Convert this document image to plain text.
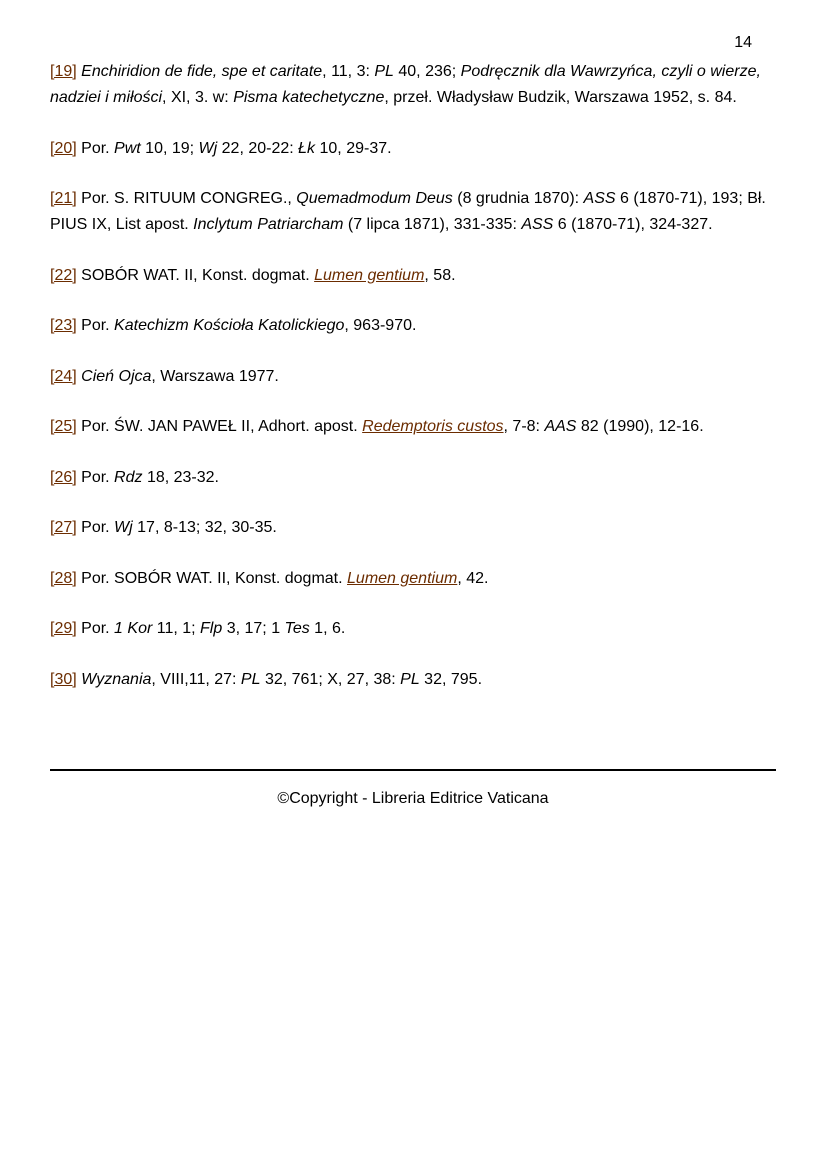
14

[19] Enchiridion de fide, spe et caritate, 11, 3: PL 40, 236; Podręcznik dla Wawrzyńca, czyli o wierze, nadziei i miłości, XI, 3. w: Pisma katechetyczne, przeł. Władysław Budzik, Warszawa 1952, s. 84.

[20] Por. Pwt 10, 19; Wj 22, 20-22: Łk 10, 29-37.

[21] Por. S. RITUUM CONGREG., Quemadmodum Deus (8 grudnia 1870): ASS 6 (1870-71), 193; Bł. PIUS IX, List apost. Inclytum Patriarcham (7 lipca 1871), 331-335: ASS 6 (1870-71), 324-327.

[22] SOBÓR WAT. II, Konst. dogmat. Lumen gentium, 58.

[23] Por. Katechizm Kościoła Katolickiego, 963-970.

[24] Cień Ojca, Warszawa 1977.

[25] Por. ŚW. JAN PAWEŁ II, Adhort. apost. Redemptoris custos, 7-8: AAS 82 (1990), 12-16.

[26] Por. Rdz 18, 23-32.

[27] Por. Wj 17, 8-13; 32, 30-35.

[28] Por. SOBÓR WAT. II, Konst. dogmat. Lumen gentium, 42.

[29] Por. 1 Kor 11, 1; Flp 3, 17; 1 Tes 1, 6.

[30] Wyznania, VIII,11, 27: PL 32, 761; X, 27, 38: PL 32, 795.

©Copyright - Libreria Editrice Vaticana
